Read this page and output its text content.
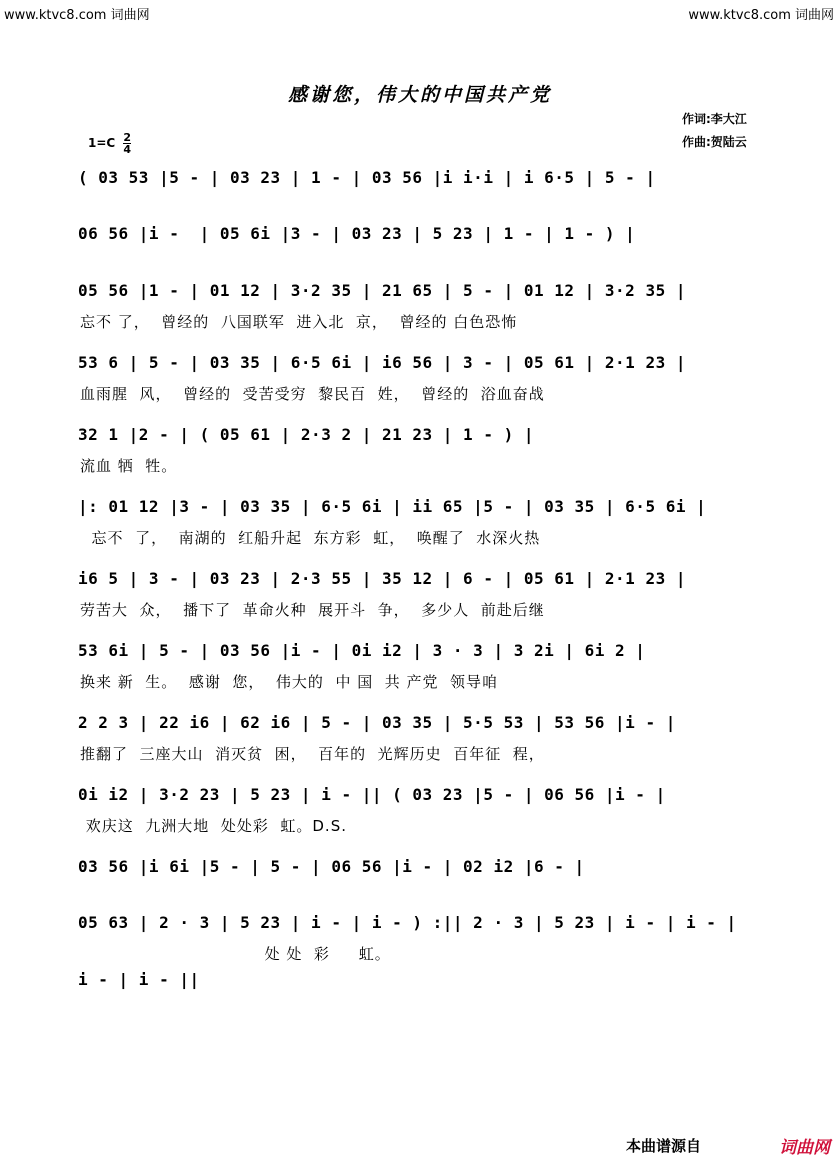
www.ktvc8.com 词曲网	www.ktvc8.com 词曲网
感谢您，伟大的中国共产党
作词:李大江
作曲:贺陆云
$1=C \frac{2}{4}$
( 03 53 |5 - | 03 23 | 1 - | 03 56 |i i·i | i 6·5 | 5 - |
06 56 |i -  | 05 6i |3 - | 03 23 | 5 23 | 1 - | 1 - ) |
05 56 |1 - | 01 12 | 3·2 35 | 21 65 | 5 - | 01 12 | 3·2 35 |
忘不 了，  曾经的  八国联军  进入北  京，  曾经的 白色恐怖
53 6 | 5 - | 03 35 | 6·5 6i | i6 56 | 3 - | 05 61 | 2·1 23 |
血雨腥  风，  曾经的  受苦受穷  黎民百  姓，  曾经的  浴血奋战
32 1 |2 - | ( 05 61 | 2·3 2 | 21 23 | 1 - ) |
流血 牺  牲。
|: 01 12 |3 - | 03 35 | 6·5 6i | ii 65 |5 - | 03 35 | 6·5 6i |
忘不  了，  南湖的  红船升起  东方彩  虹，  唤醒了  水深火热
i6 5 | 3 - | 03 23 | 2·3 55 | 35 12 | 6 - | 05 61 | 2·1 23 |
劳苦大  众，  播下了  革命火种  展开斗  争，  多少人  前赴后继
53 6i | 5 - | 03 56 |i - | 0i i2 | 3 · 3 | 3 2i | 6i 2 |
换来 新  生。  感谢  您，  伟大的  中 国  共 产党  领导咱
2 2 3 | 22 i6 | 62 i6 | 5 - | 03 35 | 5·5 53 | 53 56 |i - |
推翻了  三座大山  消灭贫  困，  百年的  光辉历史  百年征  程，
0i i2 | 3·2 23 | 5 23 | i - || ( 03 23 |5 - | 06 56 |i - |
欢庆这  九洲大地  处处彩  虹。D.S.
03 56 |i 6i |5 - | 5 - | 06 56 |i - | 02 i2 |6 - |
05 63 | 2 · 3 | 5 23 | i - | i - ) :|| 2 · 3 | 5 23 | i - | i - |
处 处  彩     虹。
i - | i - ||
本曲谱源自	词曲网
